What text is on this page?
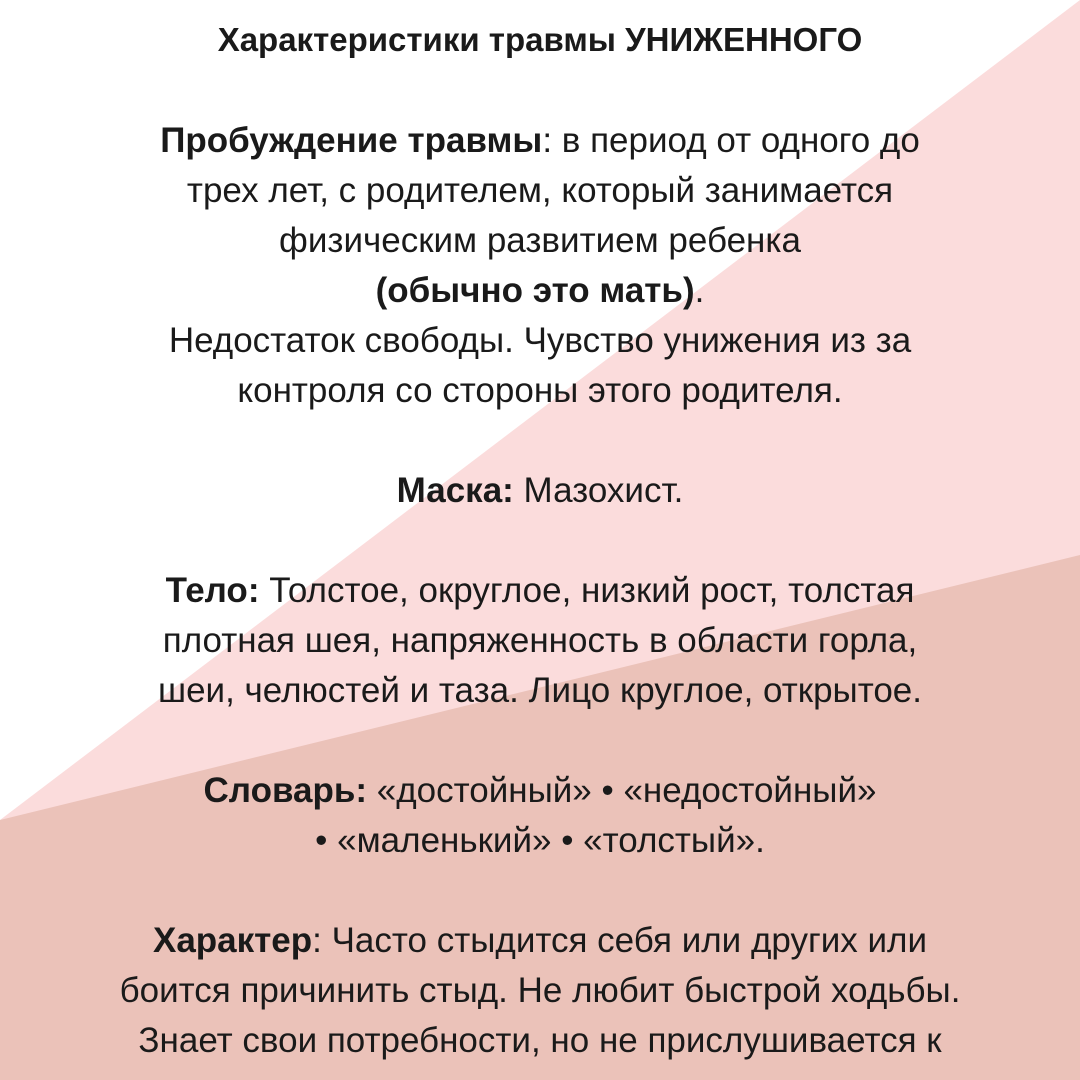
Характеристики травмы УНИЖЕННОГО

Пробуждение травмы: в период от одного до
трех лет, с родителем, который занимается
физическим развитием ребенка
(обычно это мать).
Недостаток свободы. Чувство унижения из за
контроля со стороны этого родителя.

Маска: Мазохист.

Тело: Толстое, округлое, низкий рост, толстая
плотная шея, напряженность в области горла,
шеи, челюстей и таза. Лицо круглое, открытое.

Словарь: «достойный» • «недостойный»
• «маленький» • «толстый».

Характер: Часто стыдится себя или других или
боится причинить стыд. Не любит быстрой ходьбы.
Знает свои потребности, но не прислушивается к
